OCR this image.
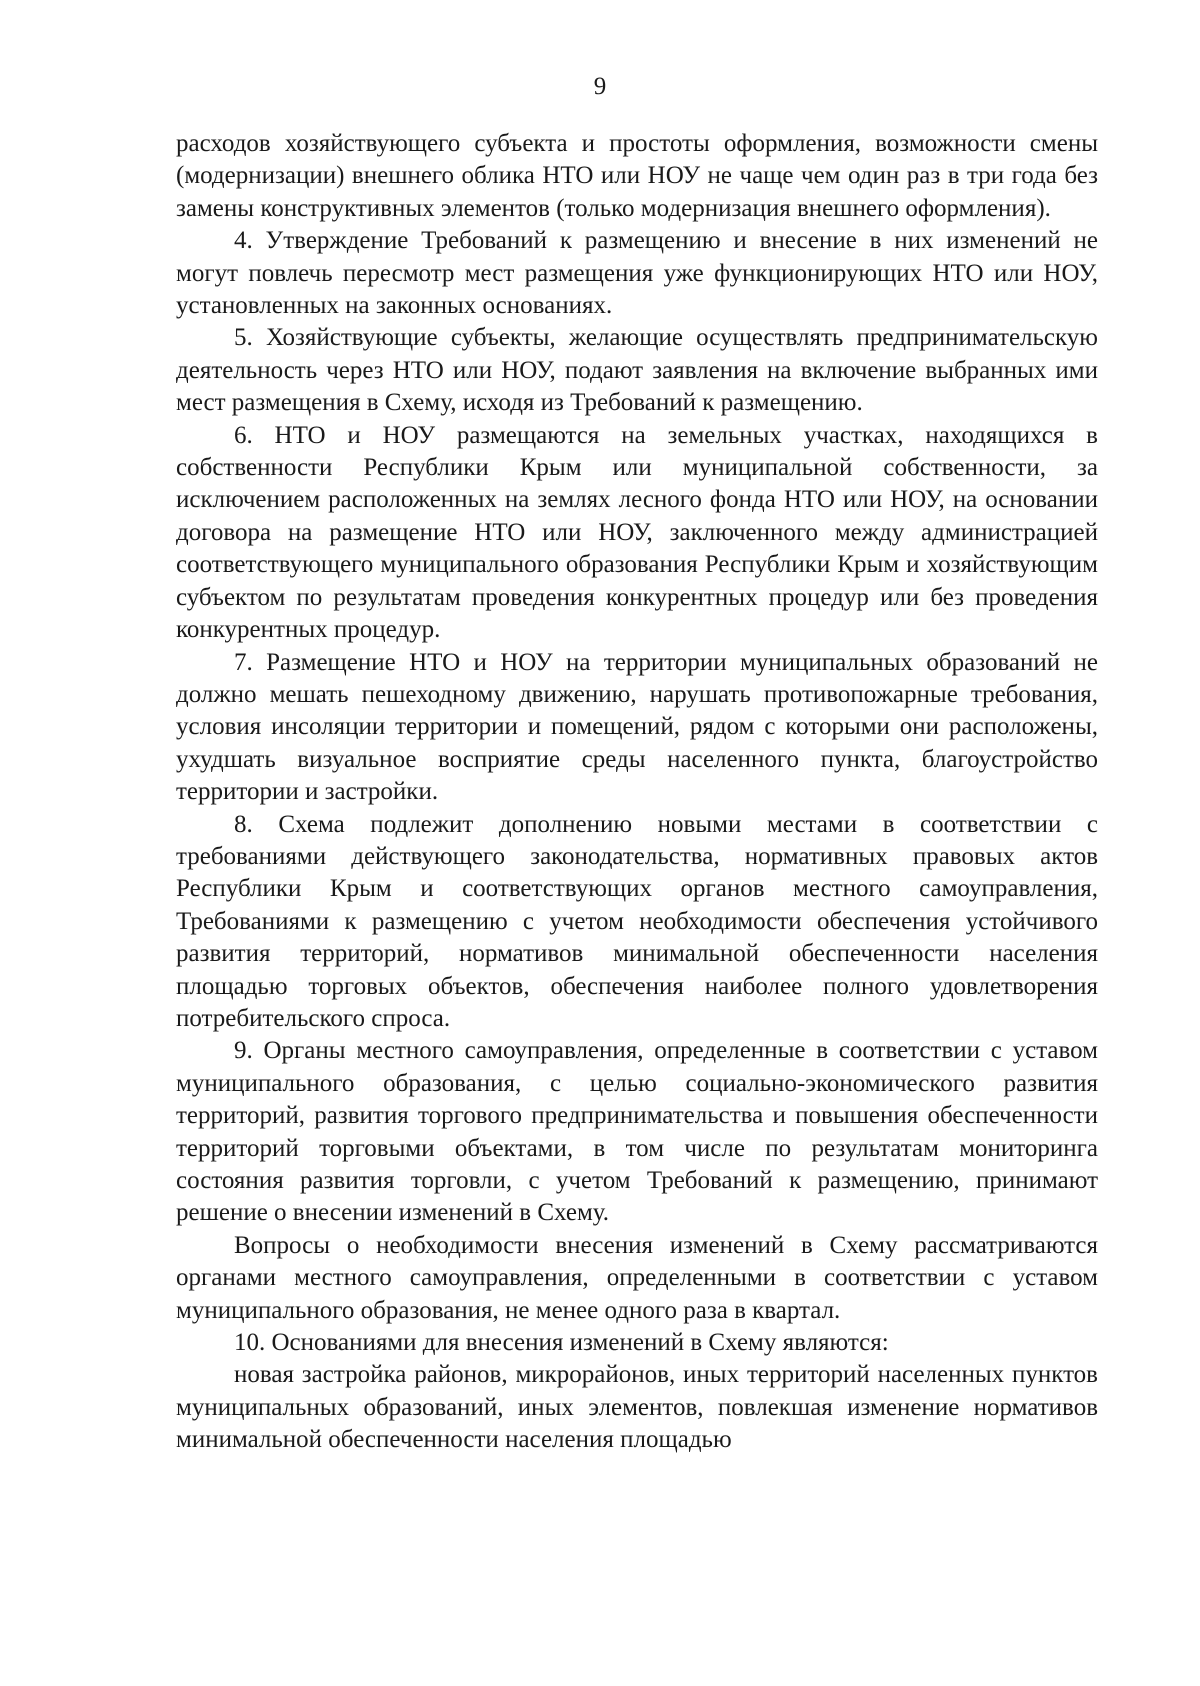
9

расходов хозяйствующего субъекта и простоты оформления, возможности смены (модернизации) внешнего облика НТО или НОУ не чаще чем один раз в три года без замены конструктивных элементов (только модернизация внешнего оформления).

4. Утверждение Требований к размещению и внесение в них изменений не могут повлечь пересмотр мест размещения уже функционирующих НТО или НОУ, установленных на законных основаниях.

5. Хозяйствующие субъекты, желающие осуществлять предпринимательскую деятельность через НТО или НОУ, подают заявления на включение выбранных ими мест размещения в Схему, исходя из Требований к размещению.

6. НТО и НОУ размещаются на земельных участках, находящихся в собственности Республики Крым или муниципальной собственности, за исключением расположенных на землях лесного фонда НТО или НОУ, на основании договора на размещение НТО или НОУ, заключенного между администрацией соответствующего муниципального образования Республики Крым и хозяйствующим субъектом по результатам проведения конкурентных процедур или без проведения конкурентных процедур.

7. Размещение НТО и НОУ на территории муниципальных образований не должно мешать пешеходному движению, нарушать противопожарные требования, условия инсоляции территории и помещений, рядом с которыми они расположены, ухудшать визуальное восприятие среды населенного пункта, благоустройство территории и застройки.

8. Схема подлежит дополнению новыми местами в соответствии с требованиями действующего законодательства, нормативных правовых актов Республики Крым и соответствующих органов местного самоуправления, Требованиями к размещению с учетом необходимости обеспечения устойчивого развития территорий, нормативов минимальной обеспеченности населения площадью торговых объектов, обеспечения наиболее полного удовлетворения потребительского спроса.

9. Органы местного самоуправления, определенные в соответствии с уставом муниципального образования, с целью социально-экономического развития территорий, развития торгового предпринимательства и повышения обеспеченности территорий торговыми объектами, в том числе по результатам мониторинга состояния развития торговли, с учетом Требований к размещению, принимают решение о внесении изменений в Схему.

Вопросы о необходимости внесения изменений в Схему рассматриваются органами местного самоуправления, определенными в соответствии с уставом муниципального образования, не менее одного раза в квартал.

10. Основаниями для внесения изменений в Схему являются:

новая застройка районов, микрорайонов, иных территорий населенных пунктов муниципальных образований, иных элементов, повлекшая изменение нормативов минимальной обеспеченности населения площадью
